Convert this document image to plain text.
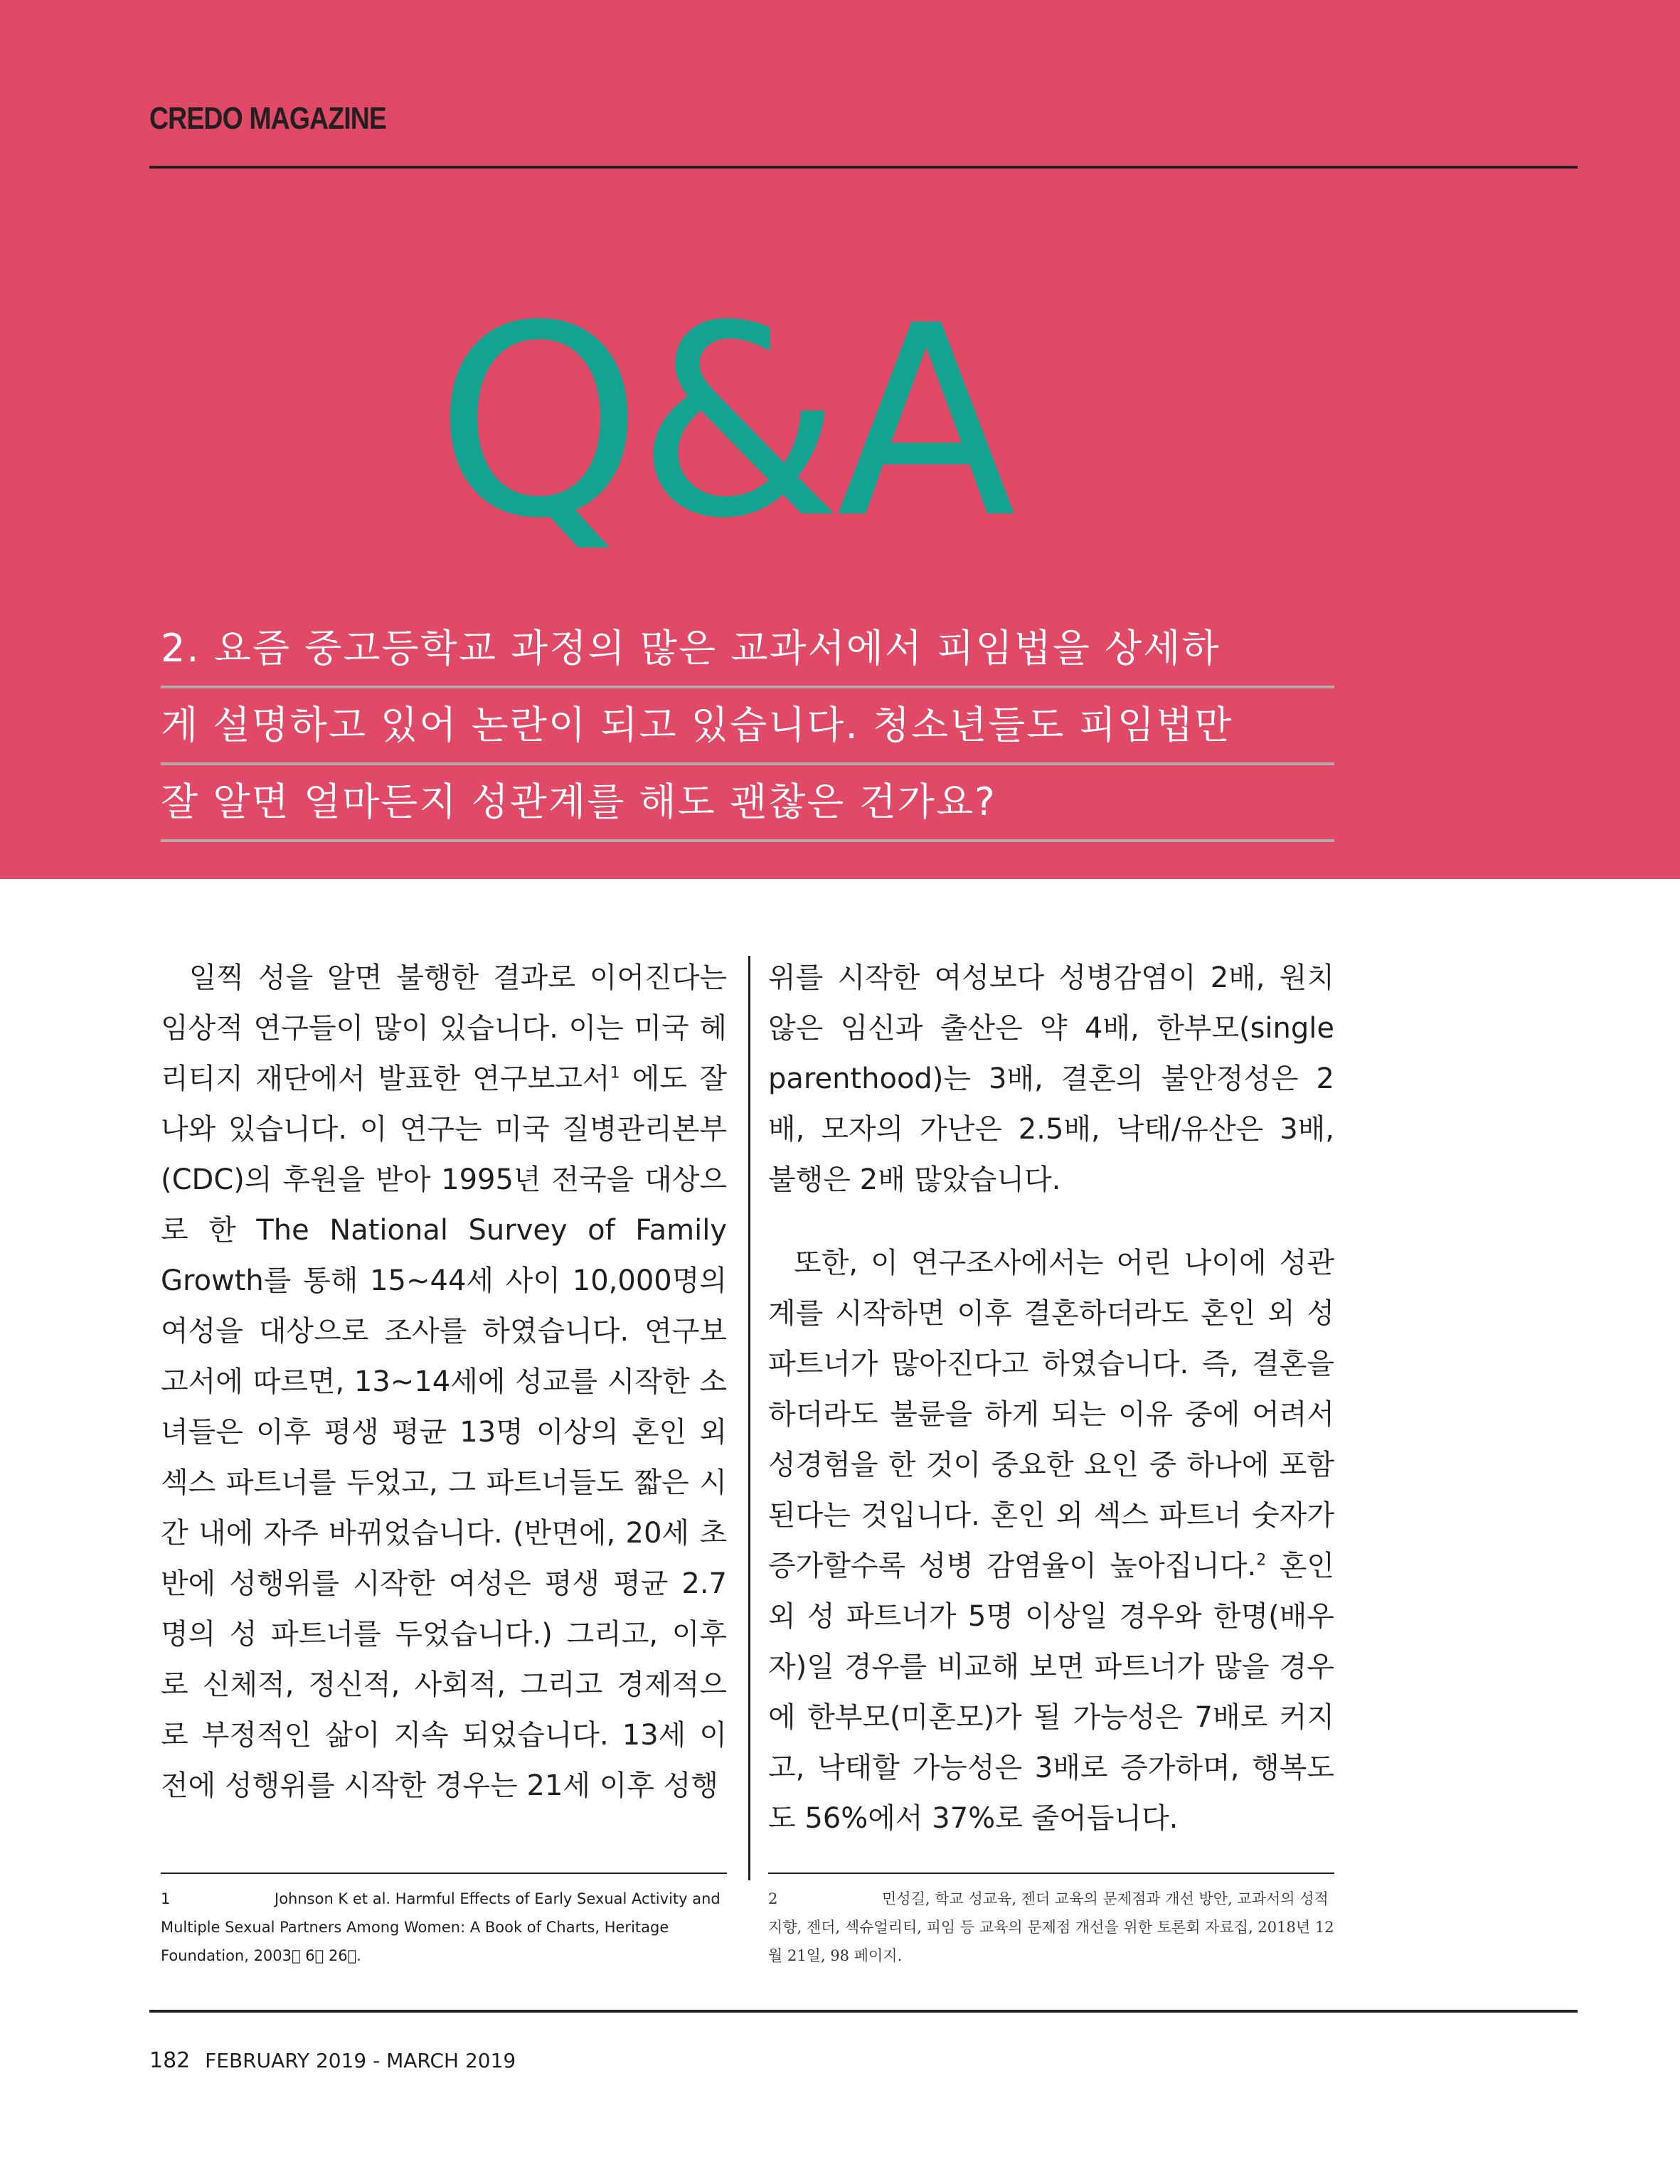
CREDO MAGAZINE
Q&A
2. 요즘 중고등학교 과정의 많은 교과서에서 피임법을 상세하
게 설명하고 있어 논란이 되고 있습니다. 청소년들도 피임법만
잘 알면 얼마든지 성관계를 해도 괜찮은 건가요?

일찍 성을 알면 불행한 결과로 이어진다는 임상적 연구들이 많이 있습니다. 이는 미국 헤리티지 재단에서 발표한 연구보고서$^1$ 에도 잘 나와 있습니다. 이 연구는 미국 질병관리본부(CDC)의 후원을 받아 1995년 전국을 대상으로 한 The National Survey of Family Growth를 통해 15~44세 사이 10,000명의 여성을 대상으로 조사를 하였습니다. 연구보고서에 따르면, 13~14세에 성교를 시작한 소녀들은 이후 평생 평균 13명 이상의 혼인 외 섹스 파트너를 두었고, 그 파트너들도 짧은 시간 내에 자주 바뀌었습니다. (반면에, 20세 초반에 성행위를 시작한 여성은 평생 평균 2.7명의 성 파트너를 두었습니다.) 그리고, 이후로 신체적, 정신적, 사회적, 그리고 경제적으로 부정적인 삶이 지속 되었습니다. 13세 이전에 성행위를 시작한 경우는 21세 이후 성행

위를 시작한 여성보다 성병감염이 2배, 원치 않은 임신과 출산은 약 4배, 한부모(single parenthood)는 3배, 결혼의 불안정성은 2배, 모자의 가난은 2.5배, 낙태/유산은 3배, 불행은 2배 많았습니다.

또한, 이 연구조사에서는 어린 나이에 성관계를 시작하면 이후 결혼하더라도 혼인 외 성 파트너가 많아진다고 하였습니다. 즉, 결혼을 하더라도 불륜을 하게 되는 이유 중에 어려서 성경험을 한 것이 중요한 요인 중 하나에 포함된다는 것입니다. 혼인 외 섹스 파트너 숫자가 증가할수록 성병 감염율이 높아집니다.$^2$ 혼인 외 성 파트너가 5명 이상일 경우와 한명(배우자)일 경우를 비교해 보면 파트너가 많을 경우에 한부모(미혼모)가 될 가능성은 7배로 커지고, 낙태할 가능성은 3배로 증가하며, 행복도도 56%에서 37%로 줄어듭니다.

1	Johnson K et al. Harmful Effects of Early Sexual Activity and Multiple Sexual Partners Among Women: A Book of Charts, Heritage Foundation, 2003  6  26 .
2	민성길, 학교 성교육, 젠더 교육의 문제점과 개선 방안, 교과서의 성적지향, 젠더, 섹슈얼리티, 피임 등 교육의 문제점 개선을 위한 토론회 자료집, 2018년 12월 21일, 98 페이지.
182 FEBRUARY 2019 - MARCH 2019
